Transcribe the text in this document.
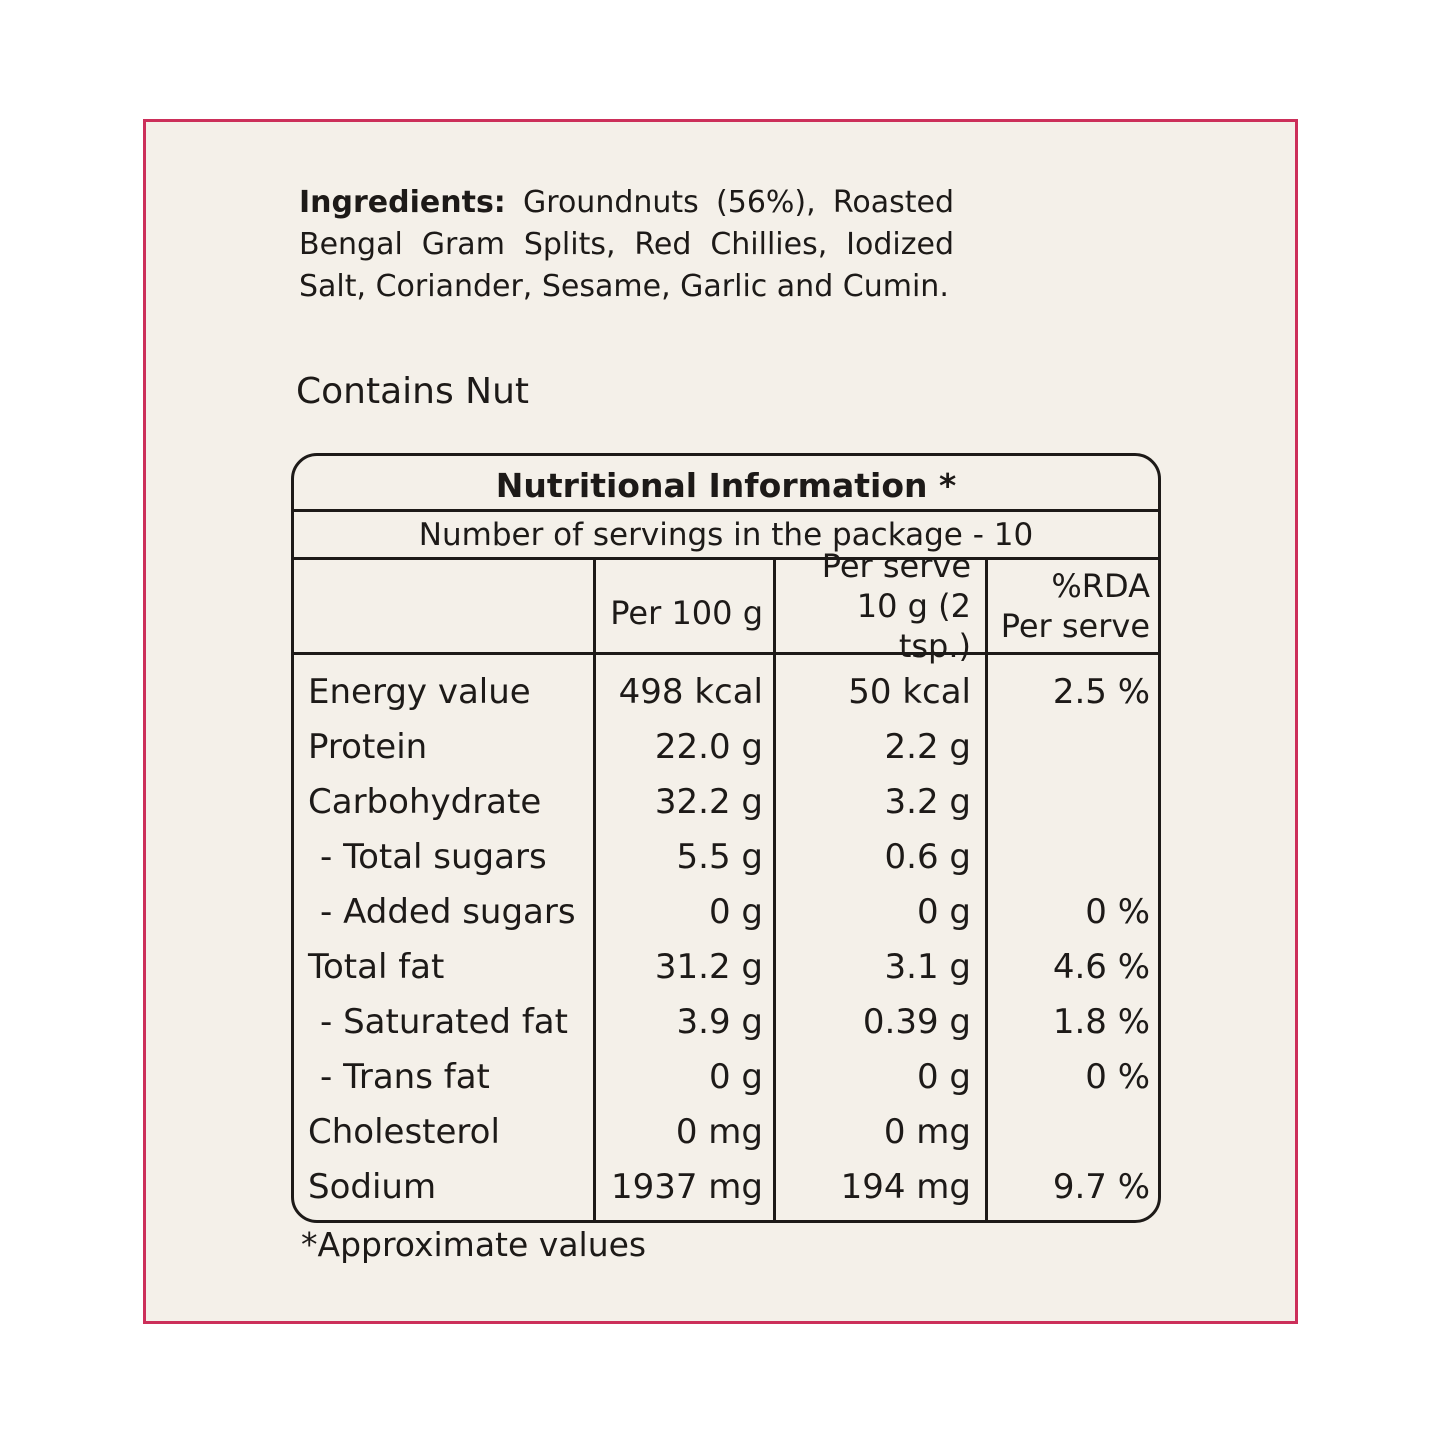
Ingredients: Groundnuts (56%), Roasted Bengal Gram Splits, Red Chillies, Iodized Salt, Coriander, Sesame, Garlic and Cumin.
Contains Nut
Nutritional Information *
Number of servings in the package - 10
Per 100 g
Per serve
10 g (2 tsp.)
%RDA
Per serve
Energy value
Protein
Carbohydrate
- Total sugars
- Added sugars
Total fat
- Saturated fat
- Trans fat
Cholesterol
Sodium
498 kcal
22.0 g
32.2 g
5.5 g
0 g
31.2 g
3.9 g
0 g
0 mg
1937 mg
50 kcal
2.2 g
3.2 g
0.6 g
0 g
3.1 g
0.39 g
0 g
0 mg
194 mg
2.5 %
0 %
4.6 %
1.8 %
0 %
9.7 %
*Approximate values
